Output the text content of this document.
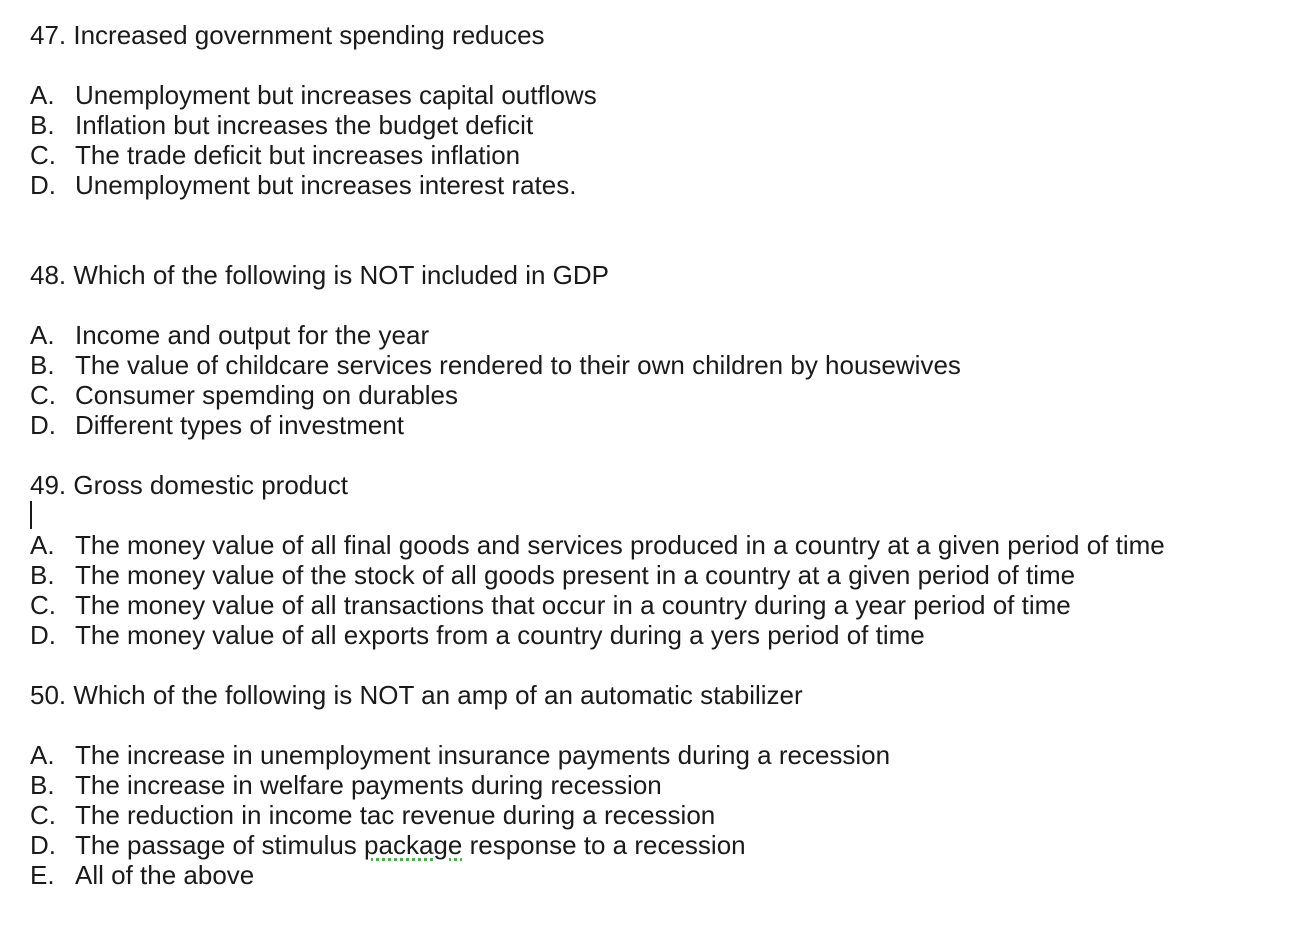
47. Increased government spending reduces
A. Unemployment but increases capital outflows
B. Inflation but increases the budget deficit
C. The trade deficit but increases inflation
D. Unemployment but increases interest rates.
48. Which of the following is NOT included in GDP
A. Income and output for the year
B. The value of childcare services rendered to their own children by housewives
C. Consumer spemding on durables
D. Different types of investment
49. Gross domestic product
A. The money value of all final goods and services produced in a country at a given period of time
B. The money value of the stock of all goods present in a country at a given period of time
C. The money value of all transactions that occur in a country during a year period of time
D. The money value of all exports from a country during a yers period of time
50. Which of the following is NOT an amp of an automatic stabilizer
A. The increase in unemployment insurance payments during a recession
B. The increase in welfare payments during recession
C. The reduction in income tac revenue during a recession
D. The passage of stimulus package response to a recession
E. All of the above
